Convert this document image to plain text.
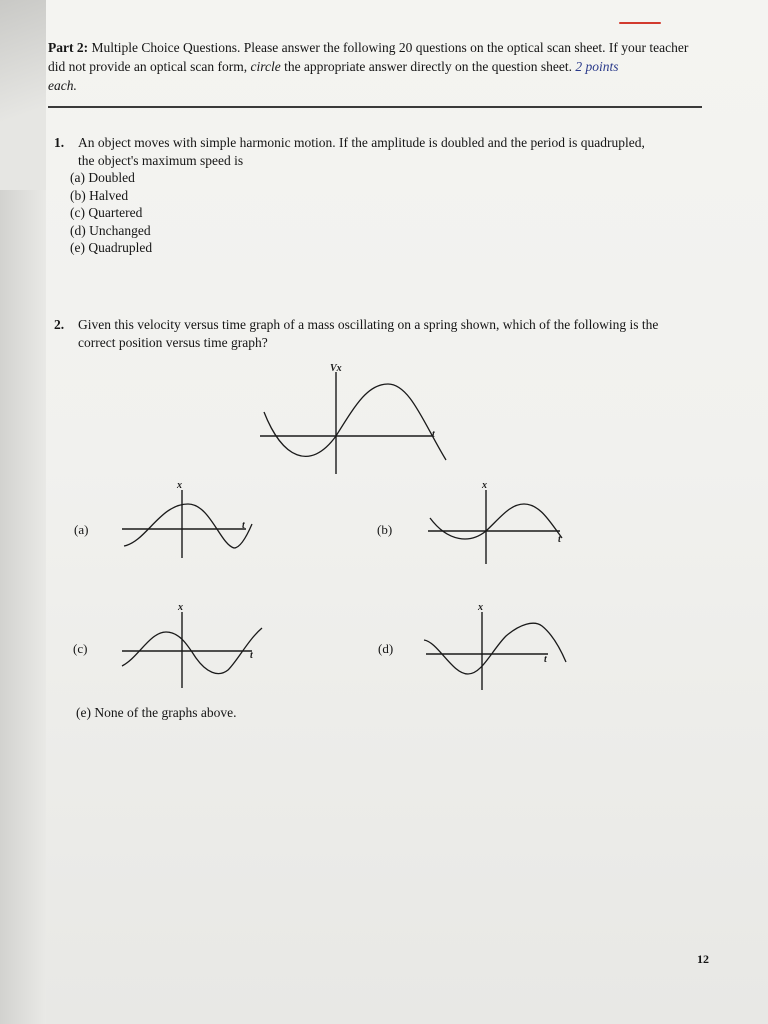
Part 2: Multiple Choice Questions. Please answer the following 20 questions on the optical scan sheet. If your teacher did not provide an optical scan form, circle the appropriate answer directly on the question sheet. 2 points
each.
1. An object moves with simple harmonic motion. If the amplitude is doubled and the period is quadrupled,
the object's maximum speed is
(a) Doubled
(b) Halved
(c) Quartered
(d) Unchanged
(e) Quadrupled
2. Given this velocity versus time graph of a mass oscillating on a spring shown, which of the following is the
correct position versus time graph?
Vx
t
(a)	(b)
(c)	(d)
x
t
x
t
x
t
x
t
(e) None of the graphs above.
12
